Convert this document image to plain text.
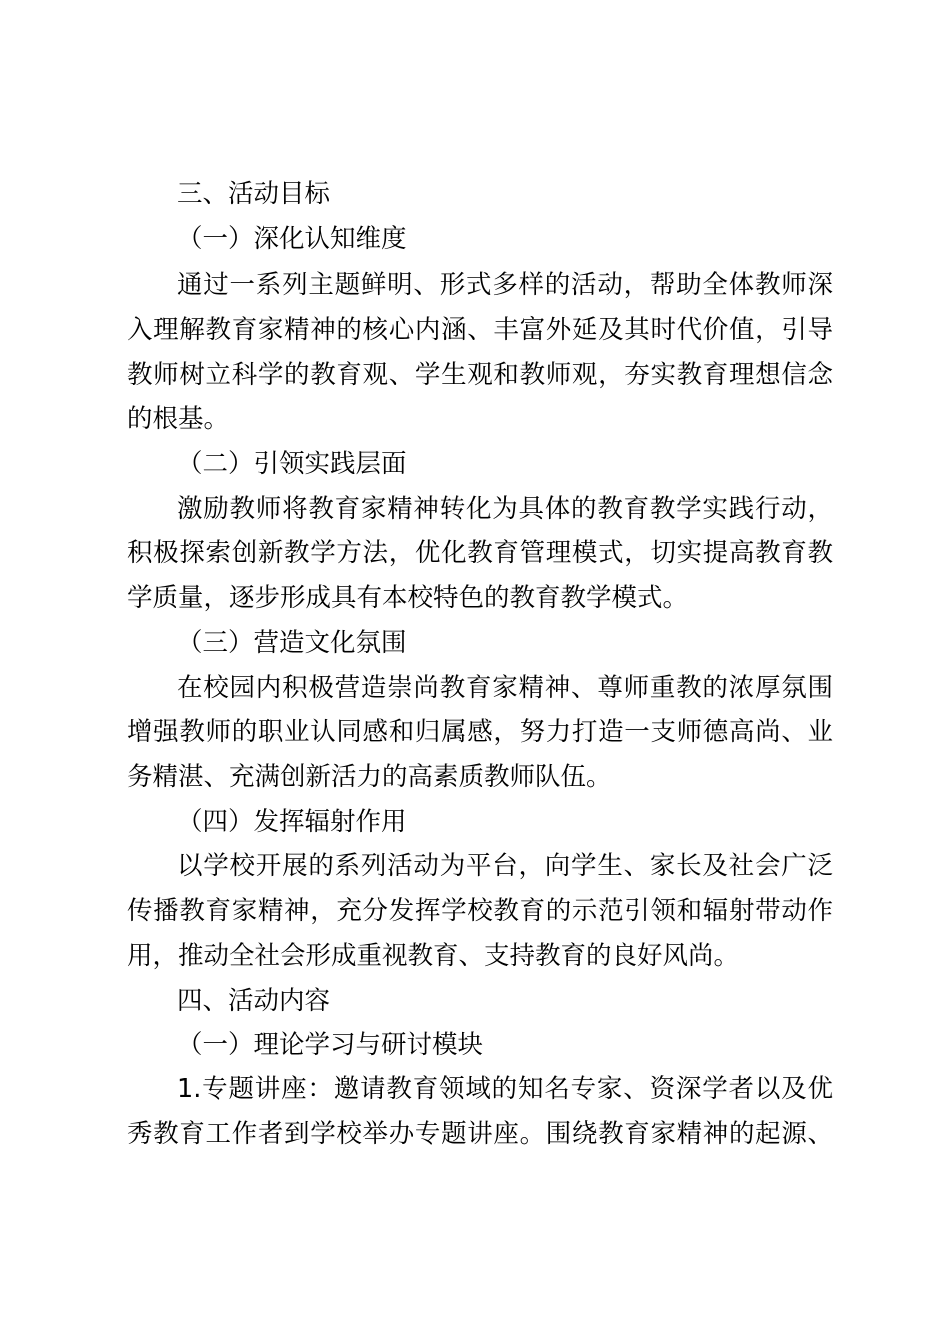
三、活动目标
（一）深化认知维度
通过一系列主题鲜明、形式多样的活动，帮助全体教师深
入理解教育家精神的核心内涵、丰富外延及其时代价值，引导
教师树立科学的教育观、学生观和教师观，夯实教育理想信念
的根基。
（二）引领实践层面
激励教师将教育家精神转化为具体的教育教学实践行动，
积极探索创新教学方法，优化教育管理模式，切实提高教育教
学质量，逐步形成具有本校特色的教育教学模式。
（三）营造文化氛围
在校园内积极营造崇尚教育家精神、尊师重教的浓厚氛围
增强教师的职业认同感和归属感，努力打造一支师德高尚、业
务精湛、充满创新活力的高素质教师队伍。
（四）发挥辐射作用
以学校开展的系列活动为平台，向学生、家长及社会广泛
传播教育家精神，充分发挥学校教育的示范引领和辐射带动作
用，推动全社会形成重视教育、支持教育的良好风尚。
四、活动内容
（一）理论学习与研讨模块
1.专题讲座：邀请教育领域的知名专家、资深学者以及优
秀教育工作者到学校举办专题讲座。围绕教育家精神的起源、
